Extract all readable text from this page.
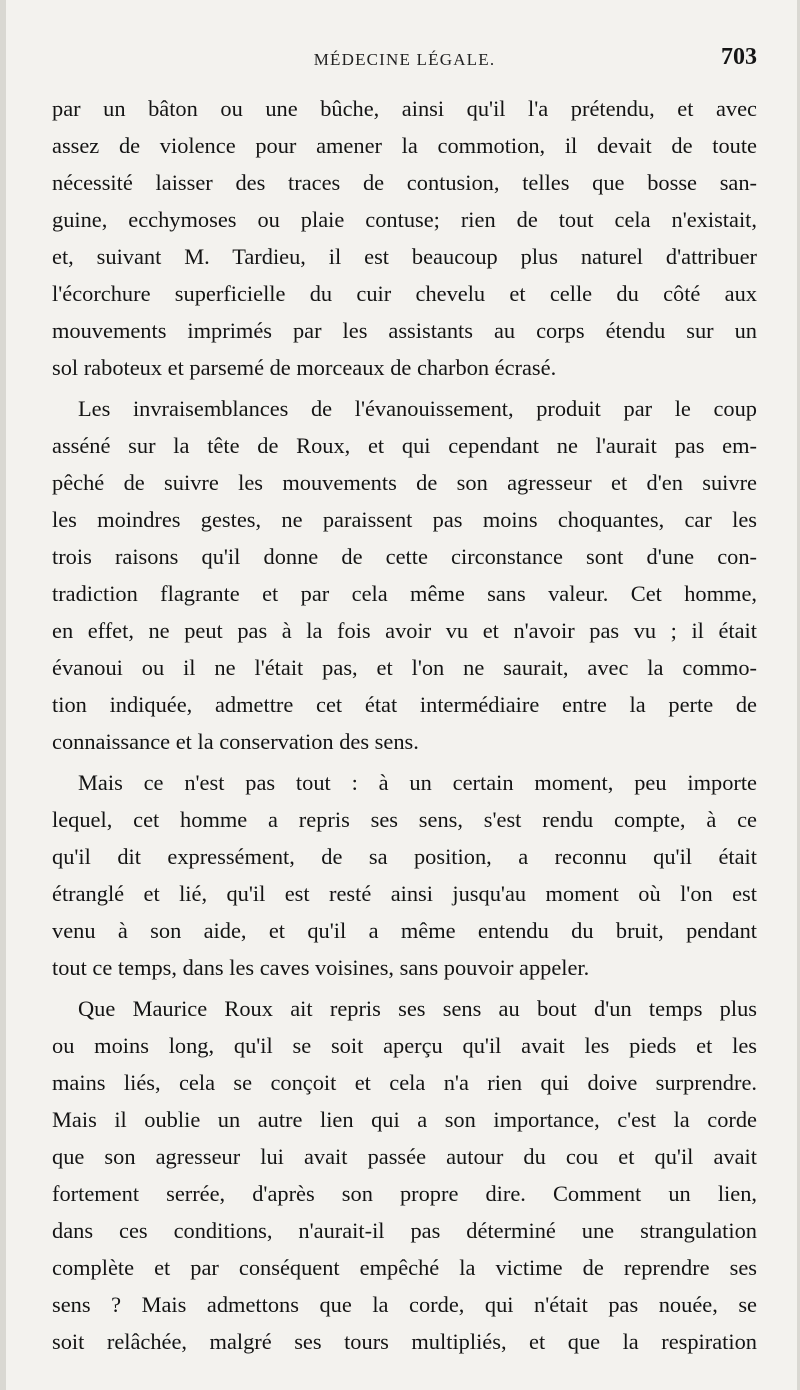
MÉDECINE LÉGALE.	703

par un bâton ou une bûche, ainsi qu'il l'a prétendu, et avec
assez de violence pour amener la commotion, il devait de toute
nécessité laisser des traces de contusion, telles que bosse san-
guine, ecchymoses ou plaie contuse; rien de tout cela n'existait,
et, suivant M. Tardieu, il est beaucoup plus naturel d'attribuer
l'écorchure superficielle du cuir chevelu et celle du côté aux
mouvements imprimés par les assistants au corps étendu sur un
sol raboteux et parsemé de morceaux de charbon écrasé.

Les invraisemblances de l'évanouissement, produit par le coup
asséné sur la tête de Roux, et qui cependant ne l'aurait pas em-
pêché de suivre les mouvements de son agresseur et d'en suivre
les moindres gestes, ne paraissent pas moins choquantes, car les
trois raisons qu'il donne de cette circonstance sont d'une con-
tradiction flagrante et par cela même sans valeur. Cet homme,
en effet, ne peut pas à la fois avoir vu et n'avoir pas vu ; il était
évanoui ou il ne l'était pas, et l'on ne saurait, avec la commo-
tion indiquée, admettre cet état intermédiaire entre la perte de
connaissance et la conservation des sens.

Mais ce n'est pas tout : à un certain moment, peu importe
lequel, cet homme a repris ses sens, s'est rendu compte, à ce
qu'il dit expressément, de sa position, a reconnu qu'il était
étranglé et lié, qu'il est resté ainsi jusqu'au moment où l'on est
venu à son aide, et qu'il a même entendu du bruit, pendant
tout ce temps, dans les caves voisines, sans pouvoir appeler.

Que Maurice Roux ait repris ses sens au bout d'un temps plus
ou moins long, qu'il se soit aperçu qu'il avait les pieds et les
mains liés, cela se conçoit et cela n'a rien qui doive surprendre.
Mais il oublie un autre lien qui a son importance, c'est la corde
que son agresseur lui avait passée autour du cou et qu'il avait
fortement serrée, d'après son propre dire. Comment un lien,
dans ces conditions, n'aurait-il pas déterminé une strangulation
complète et par conséquent empêché la victime de reprendre ses
sens ? Mais admettons que la corde, qui n'était pas nouée, se
soit relâchée, malgré ses tours multipliés, et que la respiration
